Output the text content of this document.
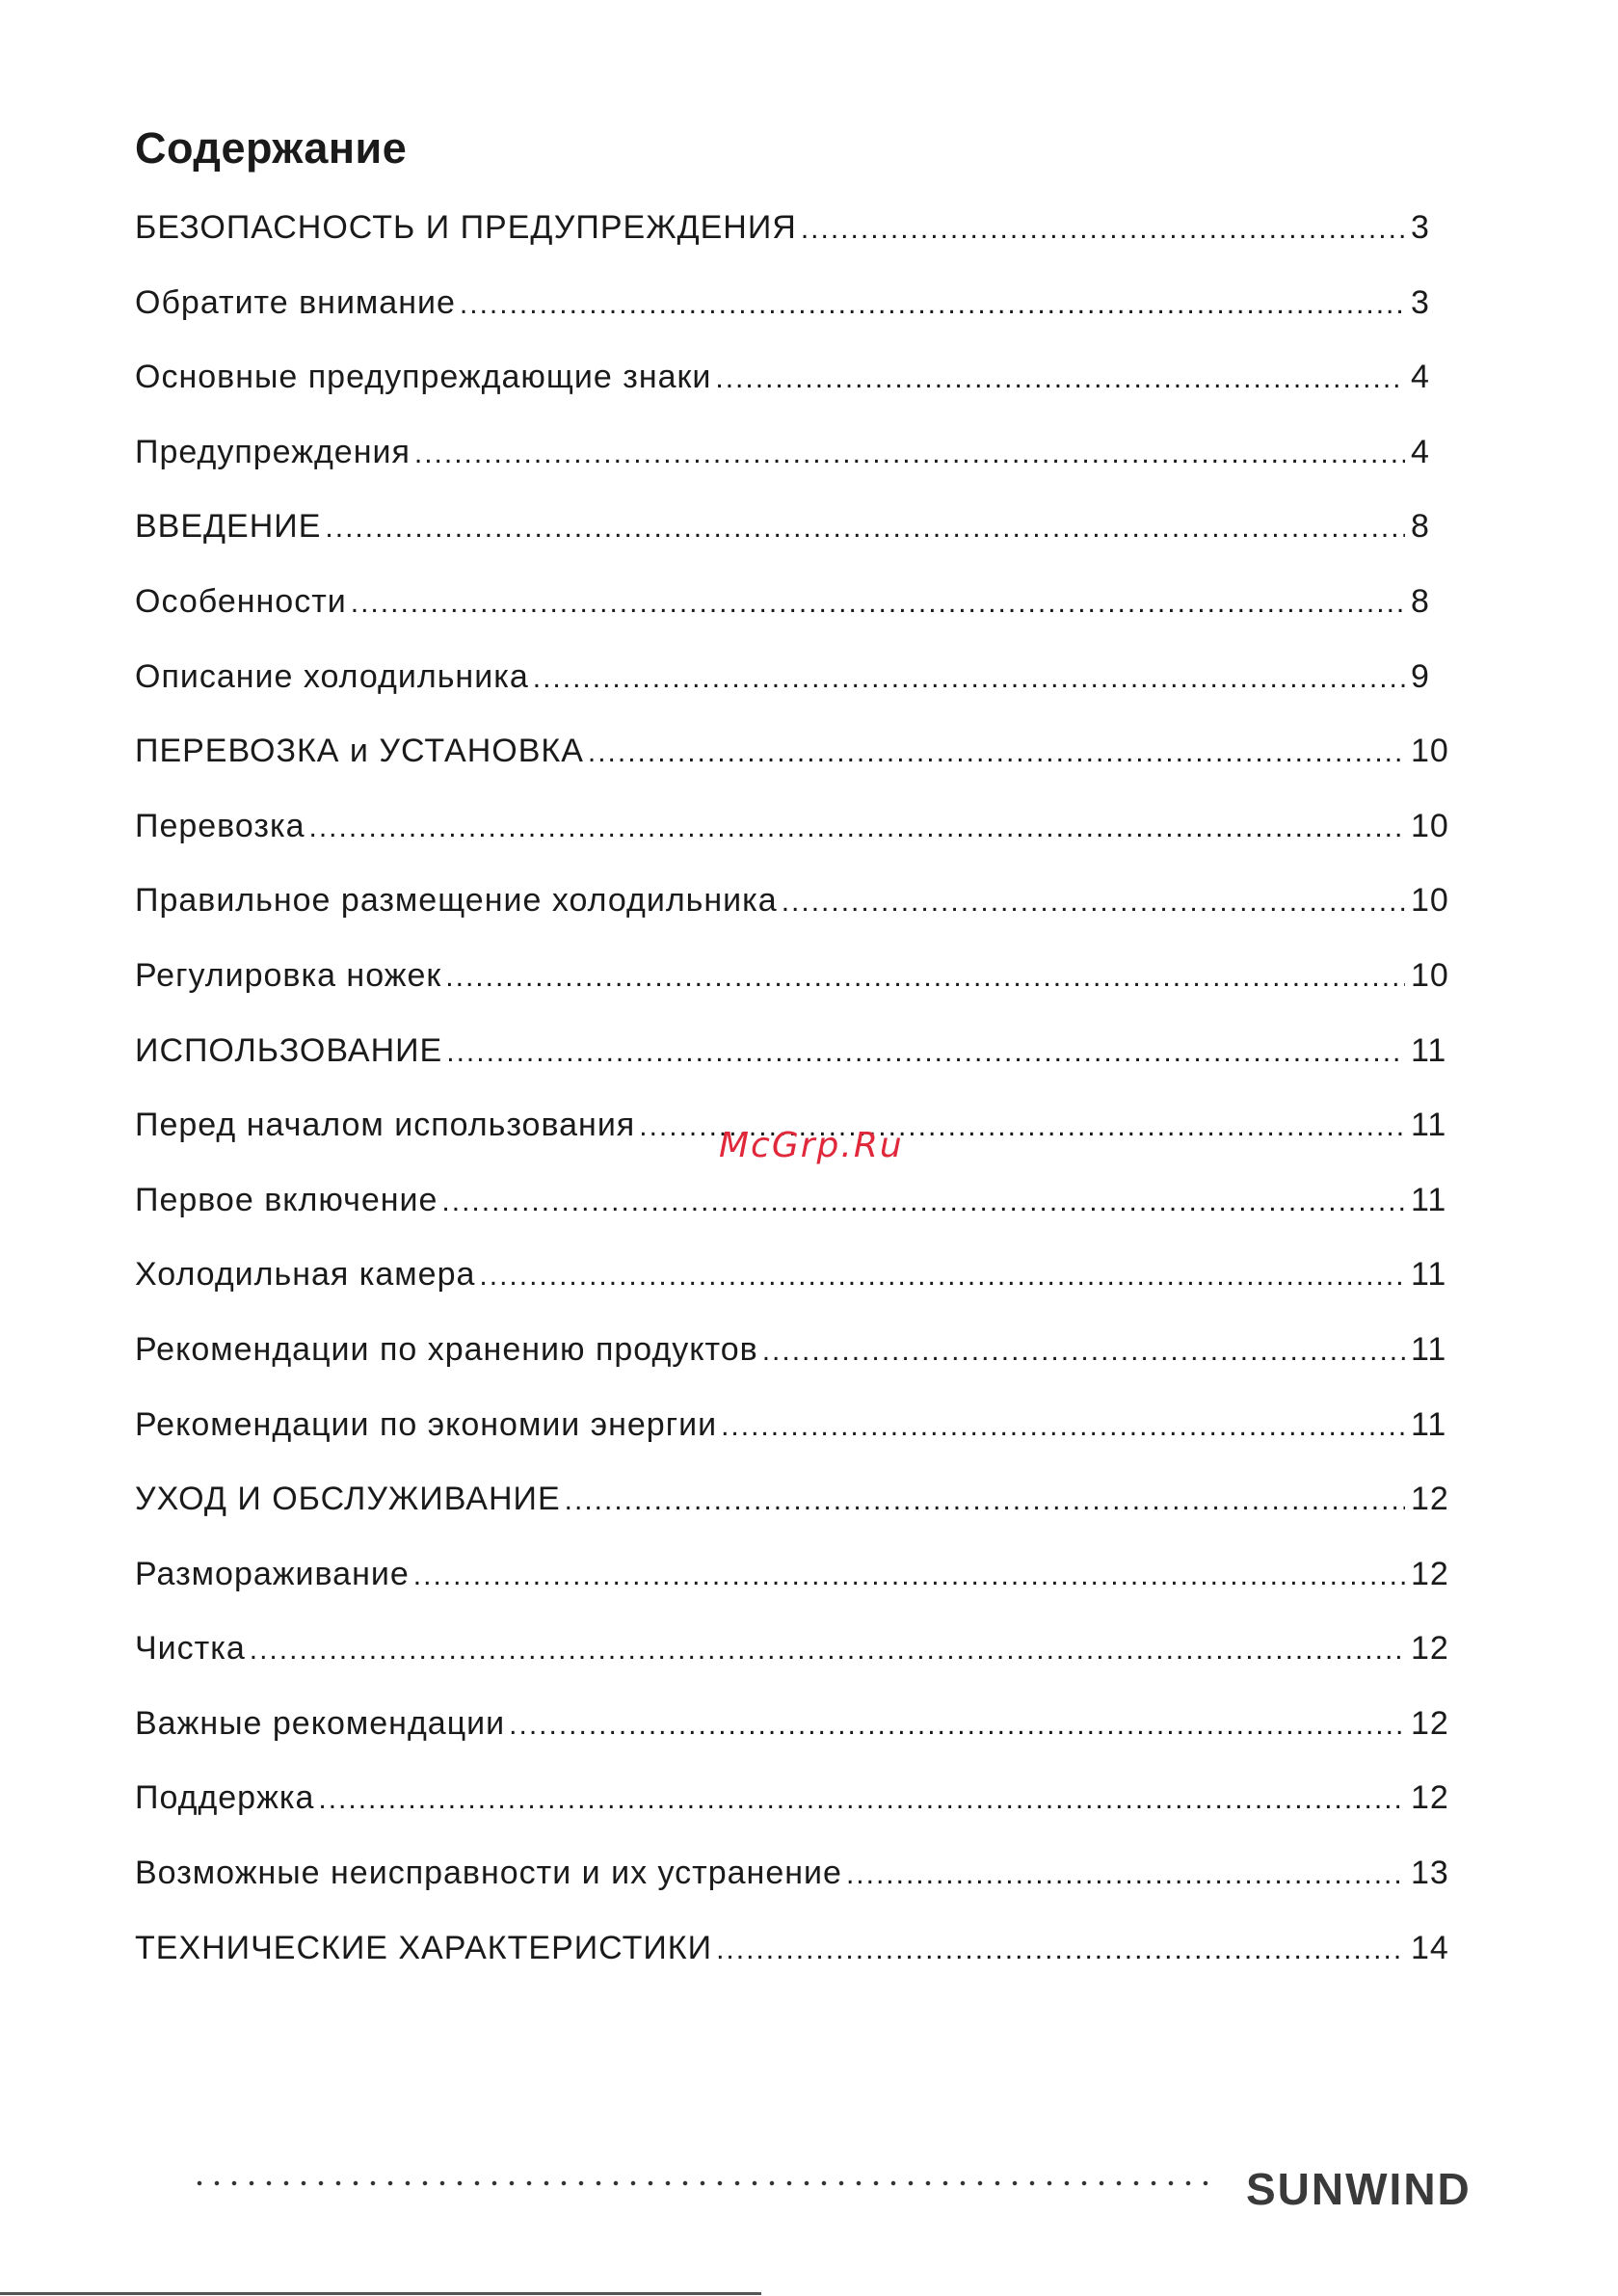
Содержание
БЕЗОПАСНОСТЬ И ПРЕДУПРЕЖДЕНИЯ .....	3
Обратите внимание .....	3
Основные предупреждающие знаки .....	4
Предупреждения .....	4
ВВЕДЕНИЕ .....	8
Особенности .....	8
Описание холодильника .....	9
ПЕРЕВОЗКА и УСТАНОВКА .....	10
Перевозка .....	10
Правильное размещение холодильника .....	10
Регулировка ножек .....	10
ИСПОЛЬЗОВАНИЕ .....	11
Перед началом использования .....	11
Первое включение .....	11
Холодильная камера .....	11
Рекомендации по хранению продуктов .....	11
Рекомендации по экономии энергии .....	11
УХОД И ОБСЛУЖИВАНИЕ .....	12
Размораживание .....	12
Чистка .....	12
Важные рекомендации .....	12
Поддержка .....	12
Возможные неисправности и их устранение .....	13
ТЕХНИЧЕСКИЕ ХАРАКТЕРИСТИКИ .....	14
McGrp.Ru
SUNWIND
